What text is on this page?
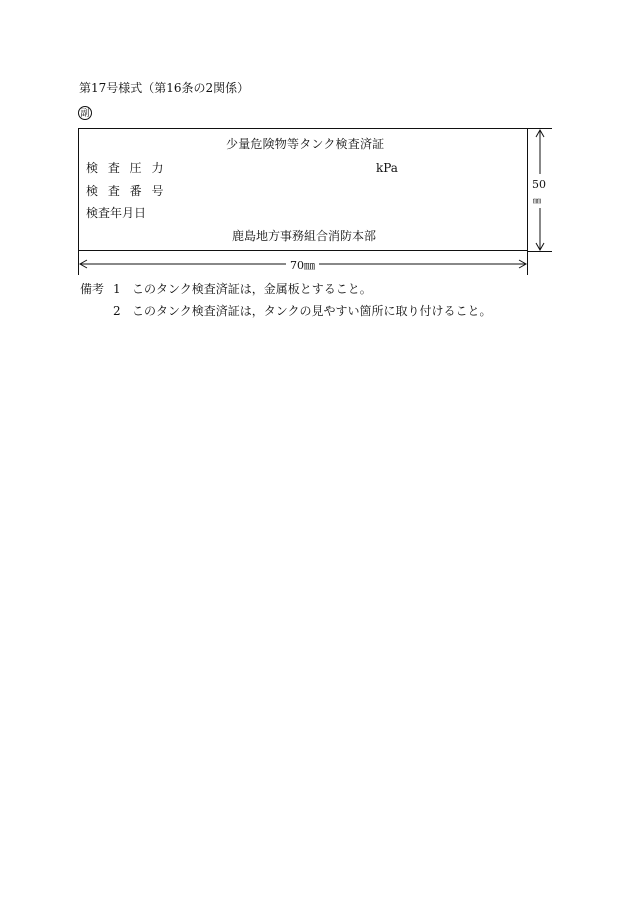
第17号様式（第16条の2関係）
副
少量危険物等タンク検査済証
検 査 圧 力	kPa
検 査 番 号
検査年月日
鹿島地方事務組合消防本部
50
㎜
70㎜
備考 1 このタンク検査済証は，金属板とすること。
2 このタンク検査済証は，タンクの見やすい箇所に取り付けること。
